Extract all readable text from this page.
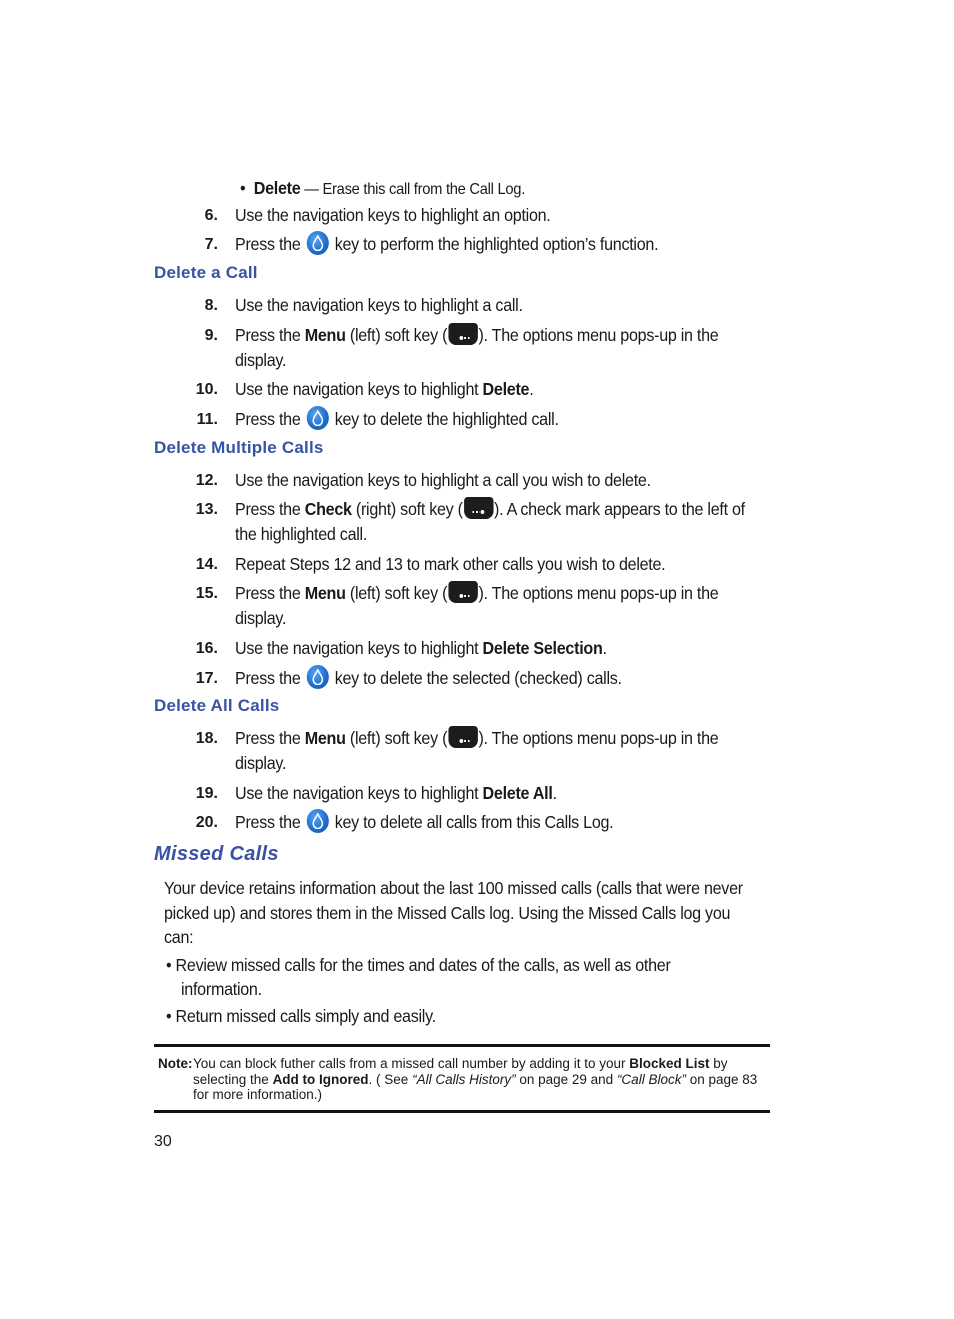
• Delete — Erase this call from the Call Log.
6. Use the navigation keys to highlight an option.
7. Press the
key to perform the highlighted option’s function.
Delete a Call
8. Use the navigation keys to highlight a call.
9. Press the Menu (left) soft key ( ). The options menu pops-up in the
display.
10. Use the navigation keys to highlight Delete.
11. Press the
key to delete the highlighted call.
Delete Multiple Calls
12. Use the navigation keys to highlight a call you wish to delete.
13. Press the Check (right) soft key ( ). A check mark appears to the left of
the highlighted call.
14. Repeat Steps 12 and 13 to mark other calls you wish to delete.
15. Press the Menu (left) soft key ( ). The options menu pops-up in the
display.
16. Use the navigation keys to highlight Delete Selection.
17. Press the
key to delete the selected (checked) calls.
Delete All Calls
18. Press the Menu (left) soft key ( ). The options menu pops-up in the
display.
19. Use the navigation keys to highlight Delete All.
20. Press the
key to delete all calls from this Calls Log.
Missed Calls
Your device retains information about the last 100 missed calls (calls that were never
picked up) and stores them in the Missed Calls log. Using the Missed Calls log you
can:
• Review missed calls for the times and dates of the calls, as well as other
information.
• Return missed calls simply and easily.
Note: You can block futher calls from a missed call number by adding it to your Blocked List by selecting the Add to Ignored. ( See “All Calls History” on page 29 and “Call Block” on page 83 for more information.)
30
